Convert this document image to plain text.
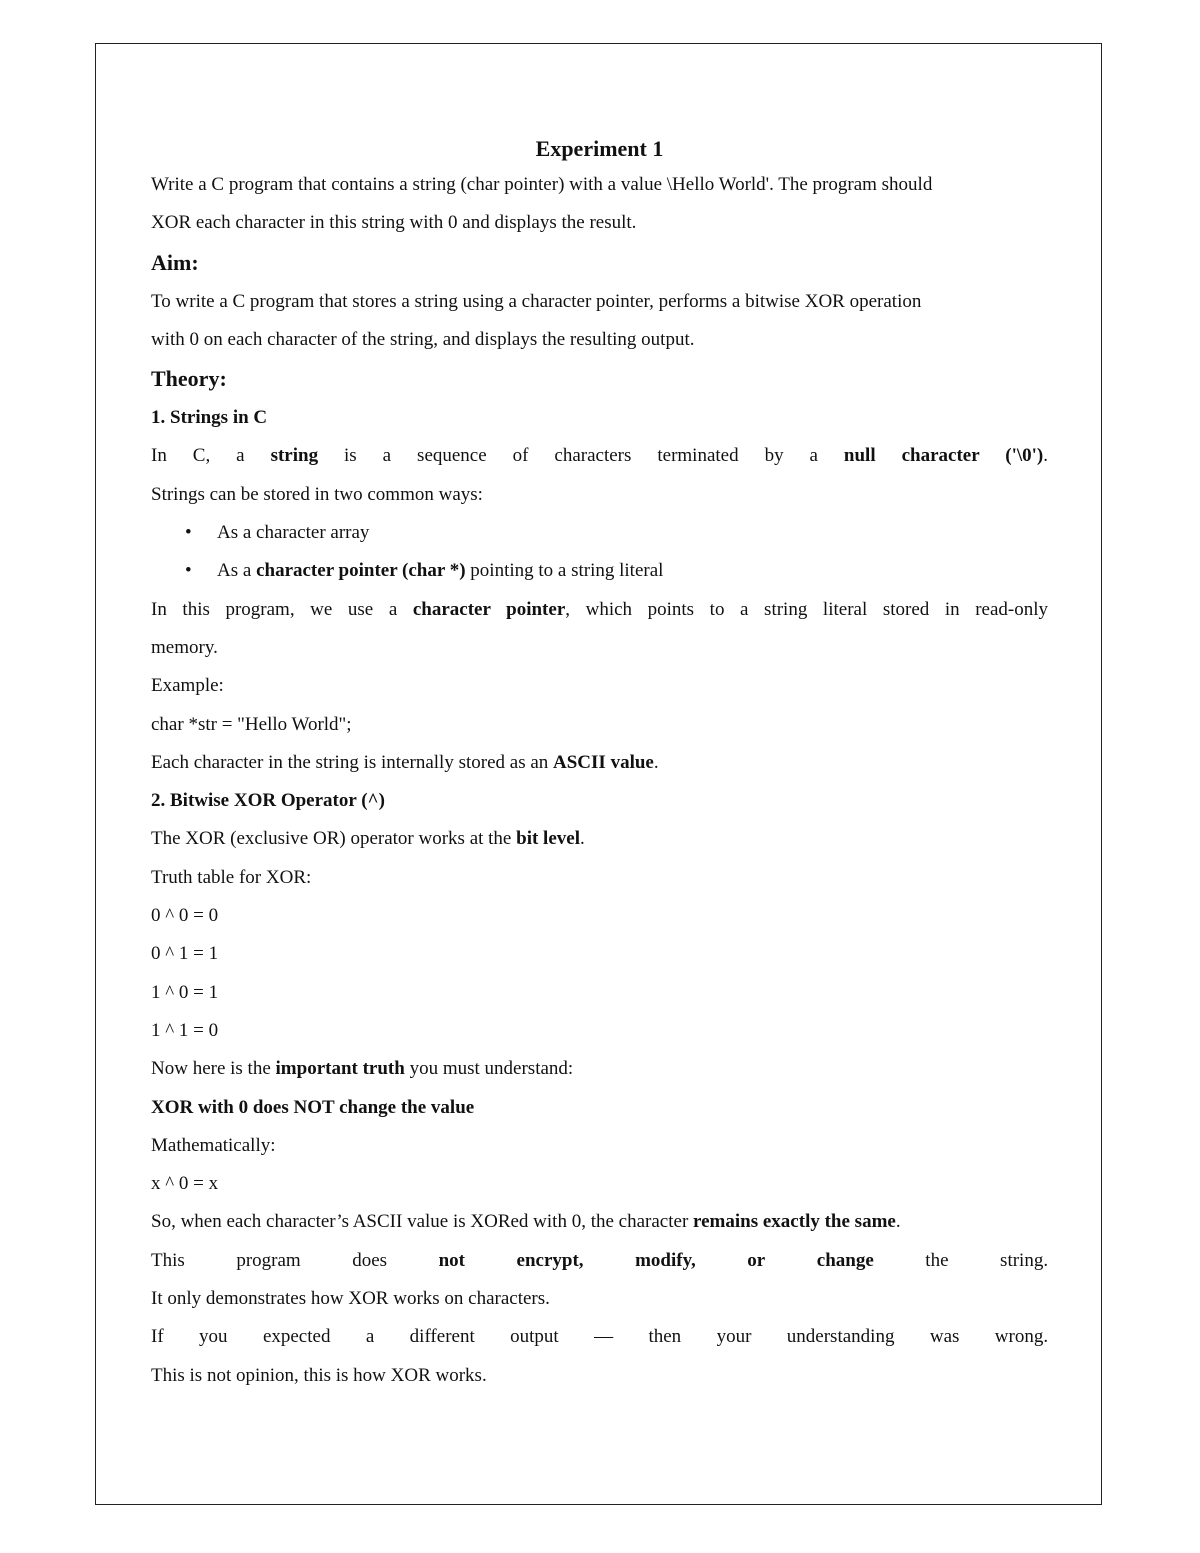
Experiment 1
Write a C program that contains a string (char pointer) with a value \Hello World'. The program should
XOR each character in this string with 0 and displays the result.
Aim:
To write a C program that stores a string using a character pointer, performs a bitwise XOR operation
with 0 on each character of the string, and displays the resulting output.
Theory:
1. Strings in C
In C, a string is a sequence of characters terminated by a null character ('\0').
Strings can be stored in two common ways:
• As a character array
• As a character pointer (char *) pointing to a string literal
In this program, we use a character pointer, which points to a string literal stored in read-only
memory.
Example:
char *str = "Hello World";
Each character in the string is internally stored as an ASCII value.
2. Bitwise XOR Operator (^)
The XOR (exclusive OR) operator works at the bit level.
Truth table for XOR:
0 ^ 0 = 0
0 ^ 1 = 1
1 ^ 0 = 1
1 ^ 1 = 0
Now here is the important truth you must understand:
XOR with 0 does NOT change the value
Mathematically:
x ^ 0 = x
So, when each character’s ASCII value is XORed with 0, the character remains exactly the same.
This	program	does	not	encrypt,	modify,	or	change	the	string.
It only demonstrates how XOR works on characters.
If you expected a different output — then your understanding was wrong.
This is not opinion, this is how XOR works.
